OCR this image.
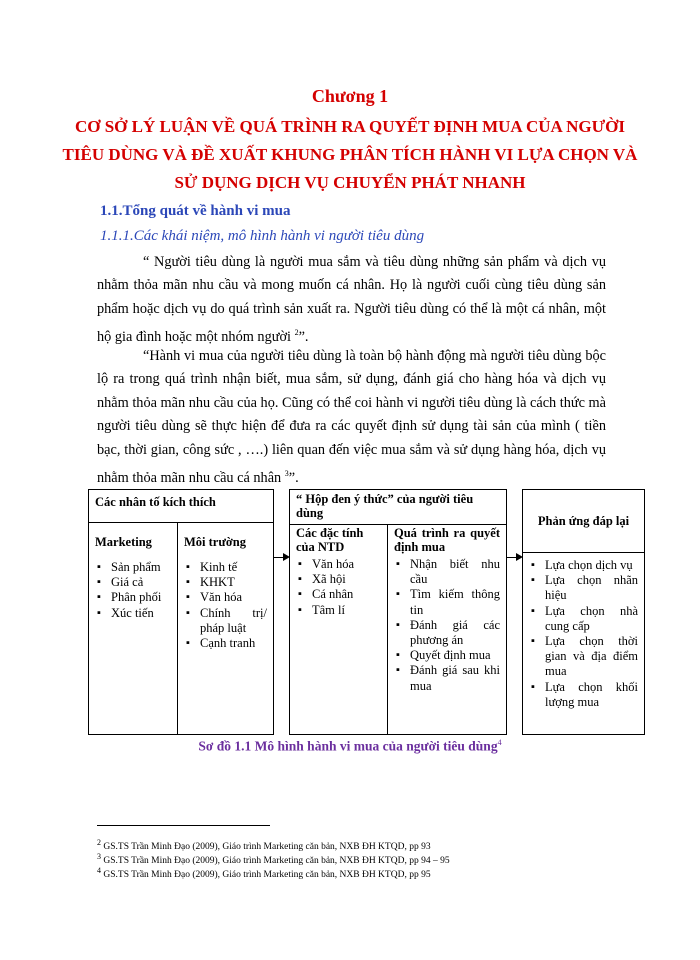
Chương 1
CƠ SỞ LÝ LUẬN VỀ QUÁ TRÌNH RA QUYẾT ĐỊNH MUA CỦA NGƯỜI TIÊU DÙNG VÀ ĐỀ XUẤT KHUNG PHÂN TÍCH HÀNH VI LỰA CHỌN VÀ SỬ DỤNG DỊCH VỤ CHUYỂN PHÁT NHANH
1.1.Tổng quát về hành vi mua
1.1.1.Các khái niệm, mô hình hành vi người tiêu dùng

“ Người tiêu dùng là người mua sắm và tiêu dùng những sản phẩm và dịch vụ nhằm thỏa mãn nhu cầu và mong muốn cá nhân. Họ là người cuối cùng tiêu dùng sản phẩm hoặc dịch vụ do quá trình sản xuất ra. Người tiêu dùng có thể là một cá nhân, một hộ gia đình hoặc một nhóm người $^2$”.

“Hành vi mua của người tiêu dùng là toàn bộ hành động mà người tiêu dùng bộc lộ ra trong quá trình nhận biết, mua sắm, sử dụng, đánh giá cho hàng hóa và dịch vụ nhằm thỏa mãn nhu cầu của họ. Cũng có thể coi hành vi người tiêu dùng là cách thức mà người tiêu dùng sẽ thực hiện để đưa ra các quyết định sử dụng tài sản của mình ( tiền bạc, thời gian, công sức , ….) liên quan đến việc mua sắm và sử dụng hàng hóa, dịch vụ nhằm thỏa mãn nhu cầu cá nhân $^3$”.

Các nhân tố kích thích
Marketing
▪ Sản phẩm
▪ Giá cả
▪ Phân phối
▪ Xúc tiến
Môi trường
▪ Kinh tế
▪ KHKT
▪ Văn hóa
▪ Chính trị/ pháp luật
▪ Cạnh tranh
“ Hộp đen ý thức” của người tiêu dùng
Các đặc tính của NTD
▪ Văn hóa
▪ Xã hội
▪ Cá nhân
▪ Tâm lí
Quá trình ra quyết định mua
▪ Nhận biết nhu cầu
▪ Tìm kiếm thông tin
▪ Đánh giá các phương án
▪ Quyết định mua
▪ Đánh giá sau khi mua
Phản ứng đáp lại
▪ Lựa chọn dịch vụ
▪ Lựa chọn nhãn hiệu
▪ Lựa chọn nhà cung cấp
▪ Lựa chọn thời gian và địa điểm mua
▪ Lựa chọn khối lượng mua
Sơ đồ 1.1 Mô hình hành vi mua của người tiêu dùng$^4$
$^2$ GS.TS Trần Minh Đạo (2009), Giáo trình Marketing căn bản, NXB ĐH KTQD, pp 93
$^3$ GS.TS Trần Minh Đạo (2009), Giáo trình Marketing căn bản, NXB ĐH KTQD, pp 94 – 95
$^4$ GS.TS Trần Minh Đạo (2009), Giáo trình Marketing căn bản, NXB ĐH KTQD, pp 95
